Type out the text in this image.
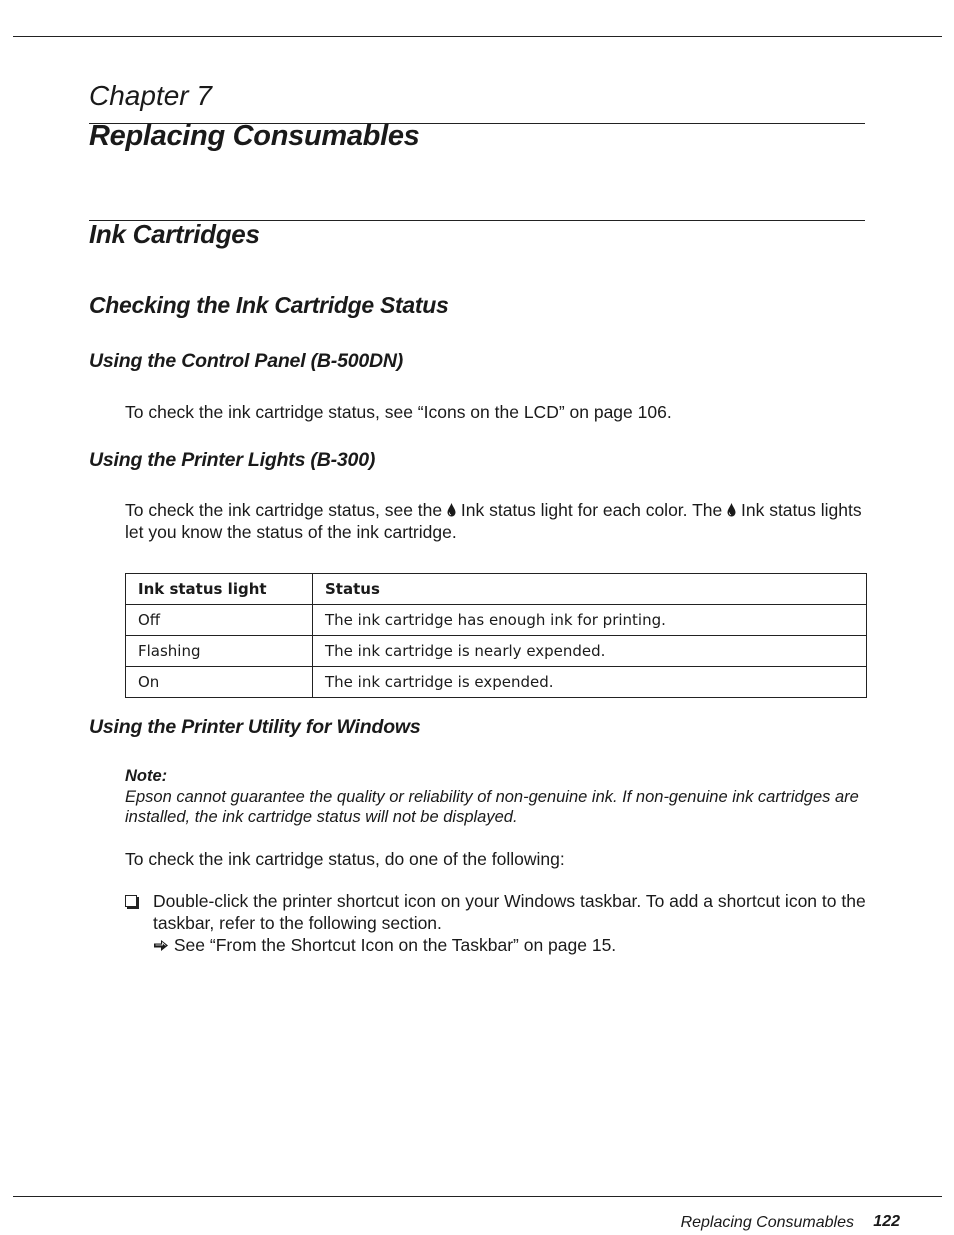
Chapter 7
Replacing Consumables
Ink Cartridges
Checking the Ink Cartridge Status
Using the Control Panel (B-500DN)
To check the ink cartridge status, see “Icons on the LCD” on page 106.
Using the Printer Lights (B-300)
To check the ink cartridge status, see the Ink status light for each color. The Ink status lights let you know the status of the ink cartridge.
Ink status light	Status
Off	The ink cartridge has enough ink for printing.
Flashing	The ink cartridge is nearly expended.
On	The ink cartridge is expended.
Using the Printer Utility for Windows
Note:
Epson cannot guarantee the quality or reliability of non-genuine ink. If non-genuine ink cartridges are installed, the ink cartridge status will not be displayed.
To check the ink cartridge status, do one of the following:
Double-click the printer shortcut icon on your Windows taskbar. To add a shortcut icon to the taskbar, refer to the following section.
See “From the Shortcut Icon on the Taskbar” on page 15.
Replacing Consumables 122
